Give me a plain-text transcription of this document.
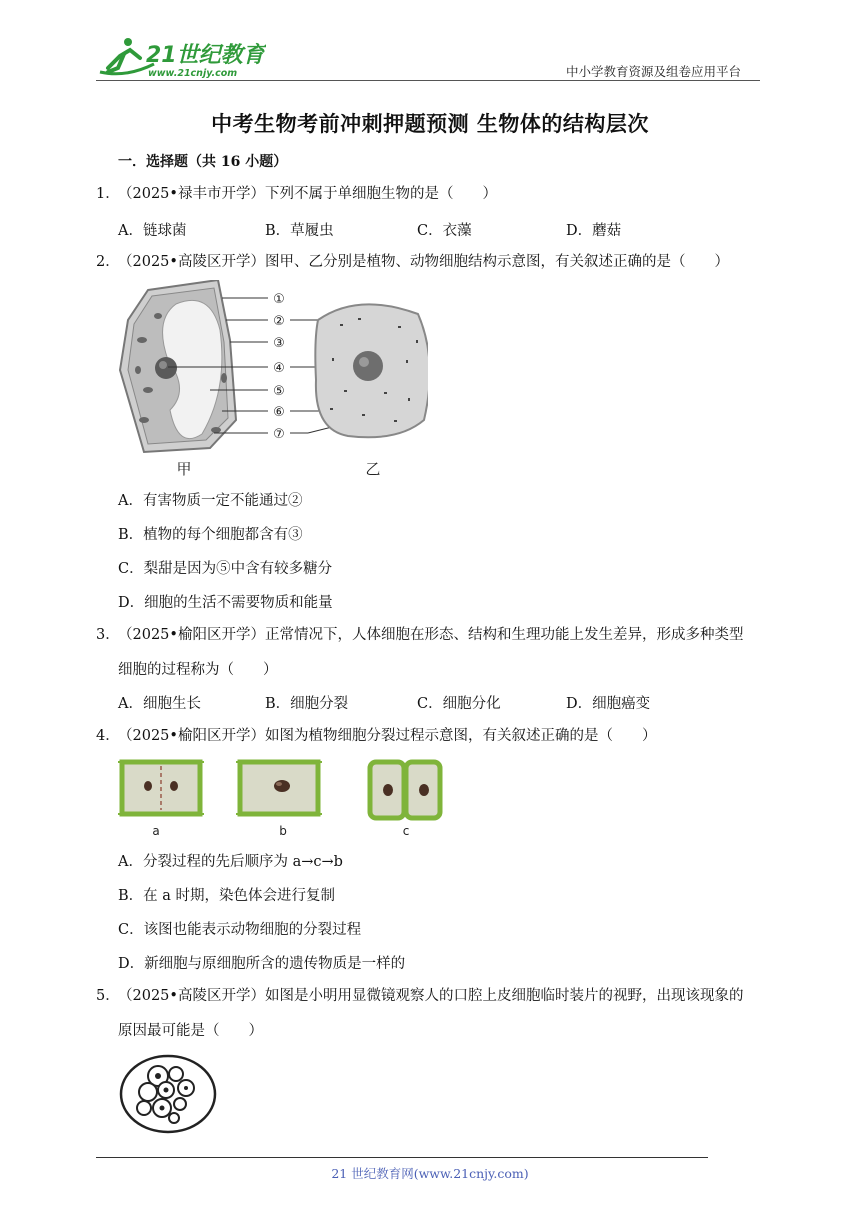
21世纪教育
www.21cnjy.com	中小学教育资源及组卷应用平台
中考生物考前冲刺押题预测 生物体的结构层次
一．选择题（共 16 小题）
1．（2025•禄丰市开学）下列不属于单细胞生物的是（　　）
A．链球菌	B．草履虫	C．衣藻	D．蘑菇
2．（2025•高陵区开学）图甲、乙分别是植物、动物细胞结构示意图，有关叙述正确的是（　　）
①
②
③
④
⑤
⑥
⑦
甲	乙
A．有害物质一定不能通过②
B．植物的每个细胞都含有③
C．梨甜是因为⑤中含有较多糖分
D．细胞的生活不需要物质和能量
3．（2025•榆阳区开学）正常情况下，人体细胞在形态、结构和生理功能上发生差异，形成多种类型
细胞的过程称为（　　）
A．细胞生长	B．细胞分裂	C．细胞分化	D．细胞癌变
4．（2025•榆阳区开学）如图为植物细胞分裂过程示意图，有关叙述正确的是（　　）
a	b	c
A．分裂过程的先后顺序为 a→c→b
B．在 a 时期，染色体会进行复制
C．该图也能表示动物细胞的分裂过程
D．新细胞与原细胞所含的遗传物质是一样的
5．（2025•高陵区开学）如图是小明用显微镜观察人的口腔上皮细胞临时装片的视野，出现该现象的
原因最可能是（　　）
21 世纪教育网(www.21cnjy.com)
